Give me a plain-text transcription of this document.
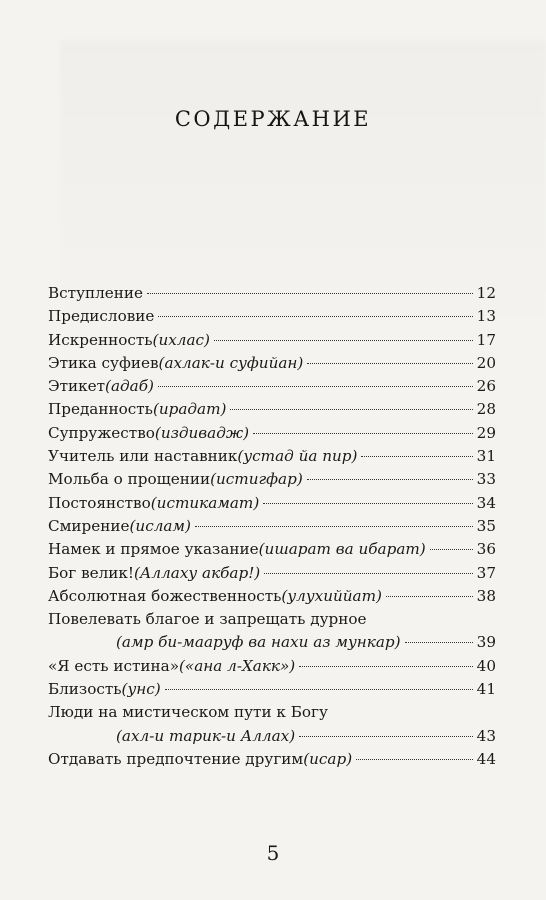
СОДЕРЖАНИЕ
Вступление	12
Предисловие	13
Искренность (ихлас)	17
Этика суфиев (ахлак-и суфийан)	20
Этикет (адаб)	26
Преданность (ирадат)	28
Супружество (издивадж)	29
Учитель или наставник (устад йа пир)	31
Мольба о прощении (истигфар)	33
Постоянство (истикамат)	34
Смирение (ислам)	35
Намек и прямое указание (ишарат ва ибарат)	36
Бог велик! (Аллаху акбар!)	37
Абсолютная божественность (улухиййат)	38
Повелевать благое и запрещать дурное
(амр би-мааруф ва нахи аз мункар)	39
«Я есть истина» («ана л-Хакк»)	40
Близость (унс)	41
Люди на мистическом пути к Богу
(ахл-и тарик-и Аллах)	43
Отдавать предпочтение другим (исар)	44
5
